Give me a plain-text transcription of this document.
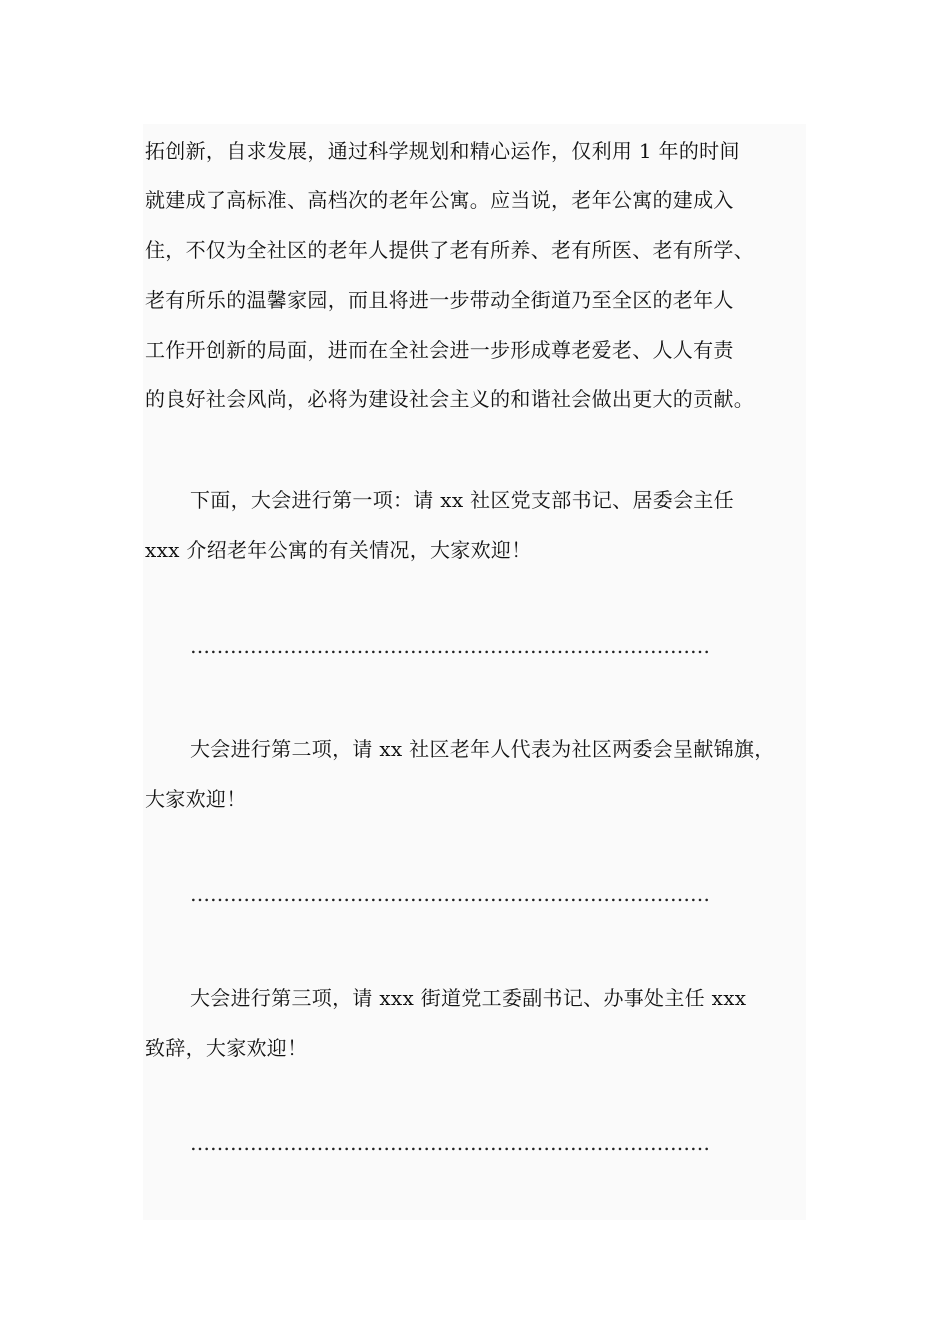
拓创新，自求发展，通过科学规划和精心运作，仅利用 1 年的时间
就建成了高标准、高档次的老年公寓。应当说，老年公寓的建成入
住，不仅为全社区的老年人提供了老有所养、老有所医、老有所学、
老有所乐的温馨家园，而且将进一步带动全街道乃至全区的老年人
工作开创新的局面，进而在全社会进一步形成尊老爱老、人人有责
的良好社会风尚，必将为建设社会主义的和谐社会做出更大的贡献。
下面，大会进行第一项：请 xx 社区党支部书记、居委会主任
xxx 介绍老年公寓的有关情况，大家欢迎！
……………………………………………………………………
大会进行第二项，请 xx 社区老年人代表为社区两委会呈献锦旗，
大家欢迎！
……………………………………………………………………
大会进行第三项，请 xxx 街道党工委副书记、办事处主任 xxx
致辞，大家欢迎！
……………………………………………………………………
